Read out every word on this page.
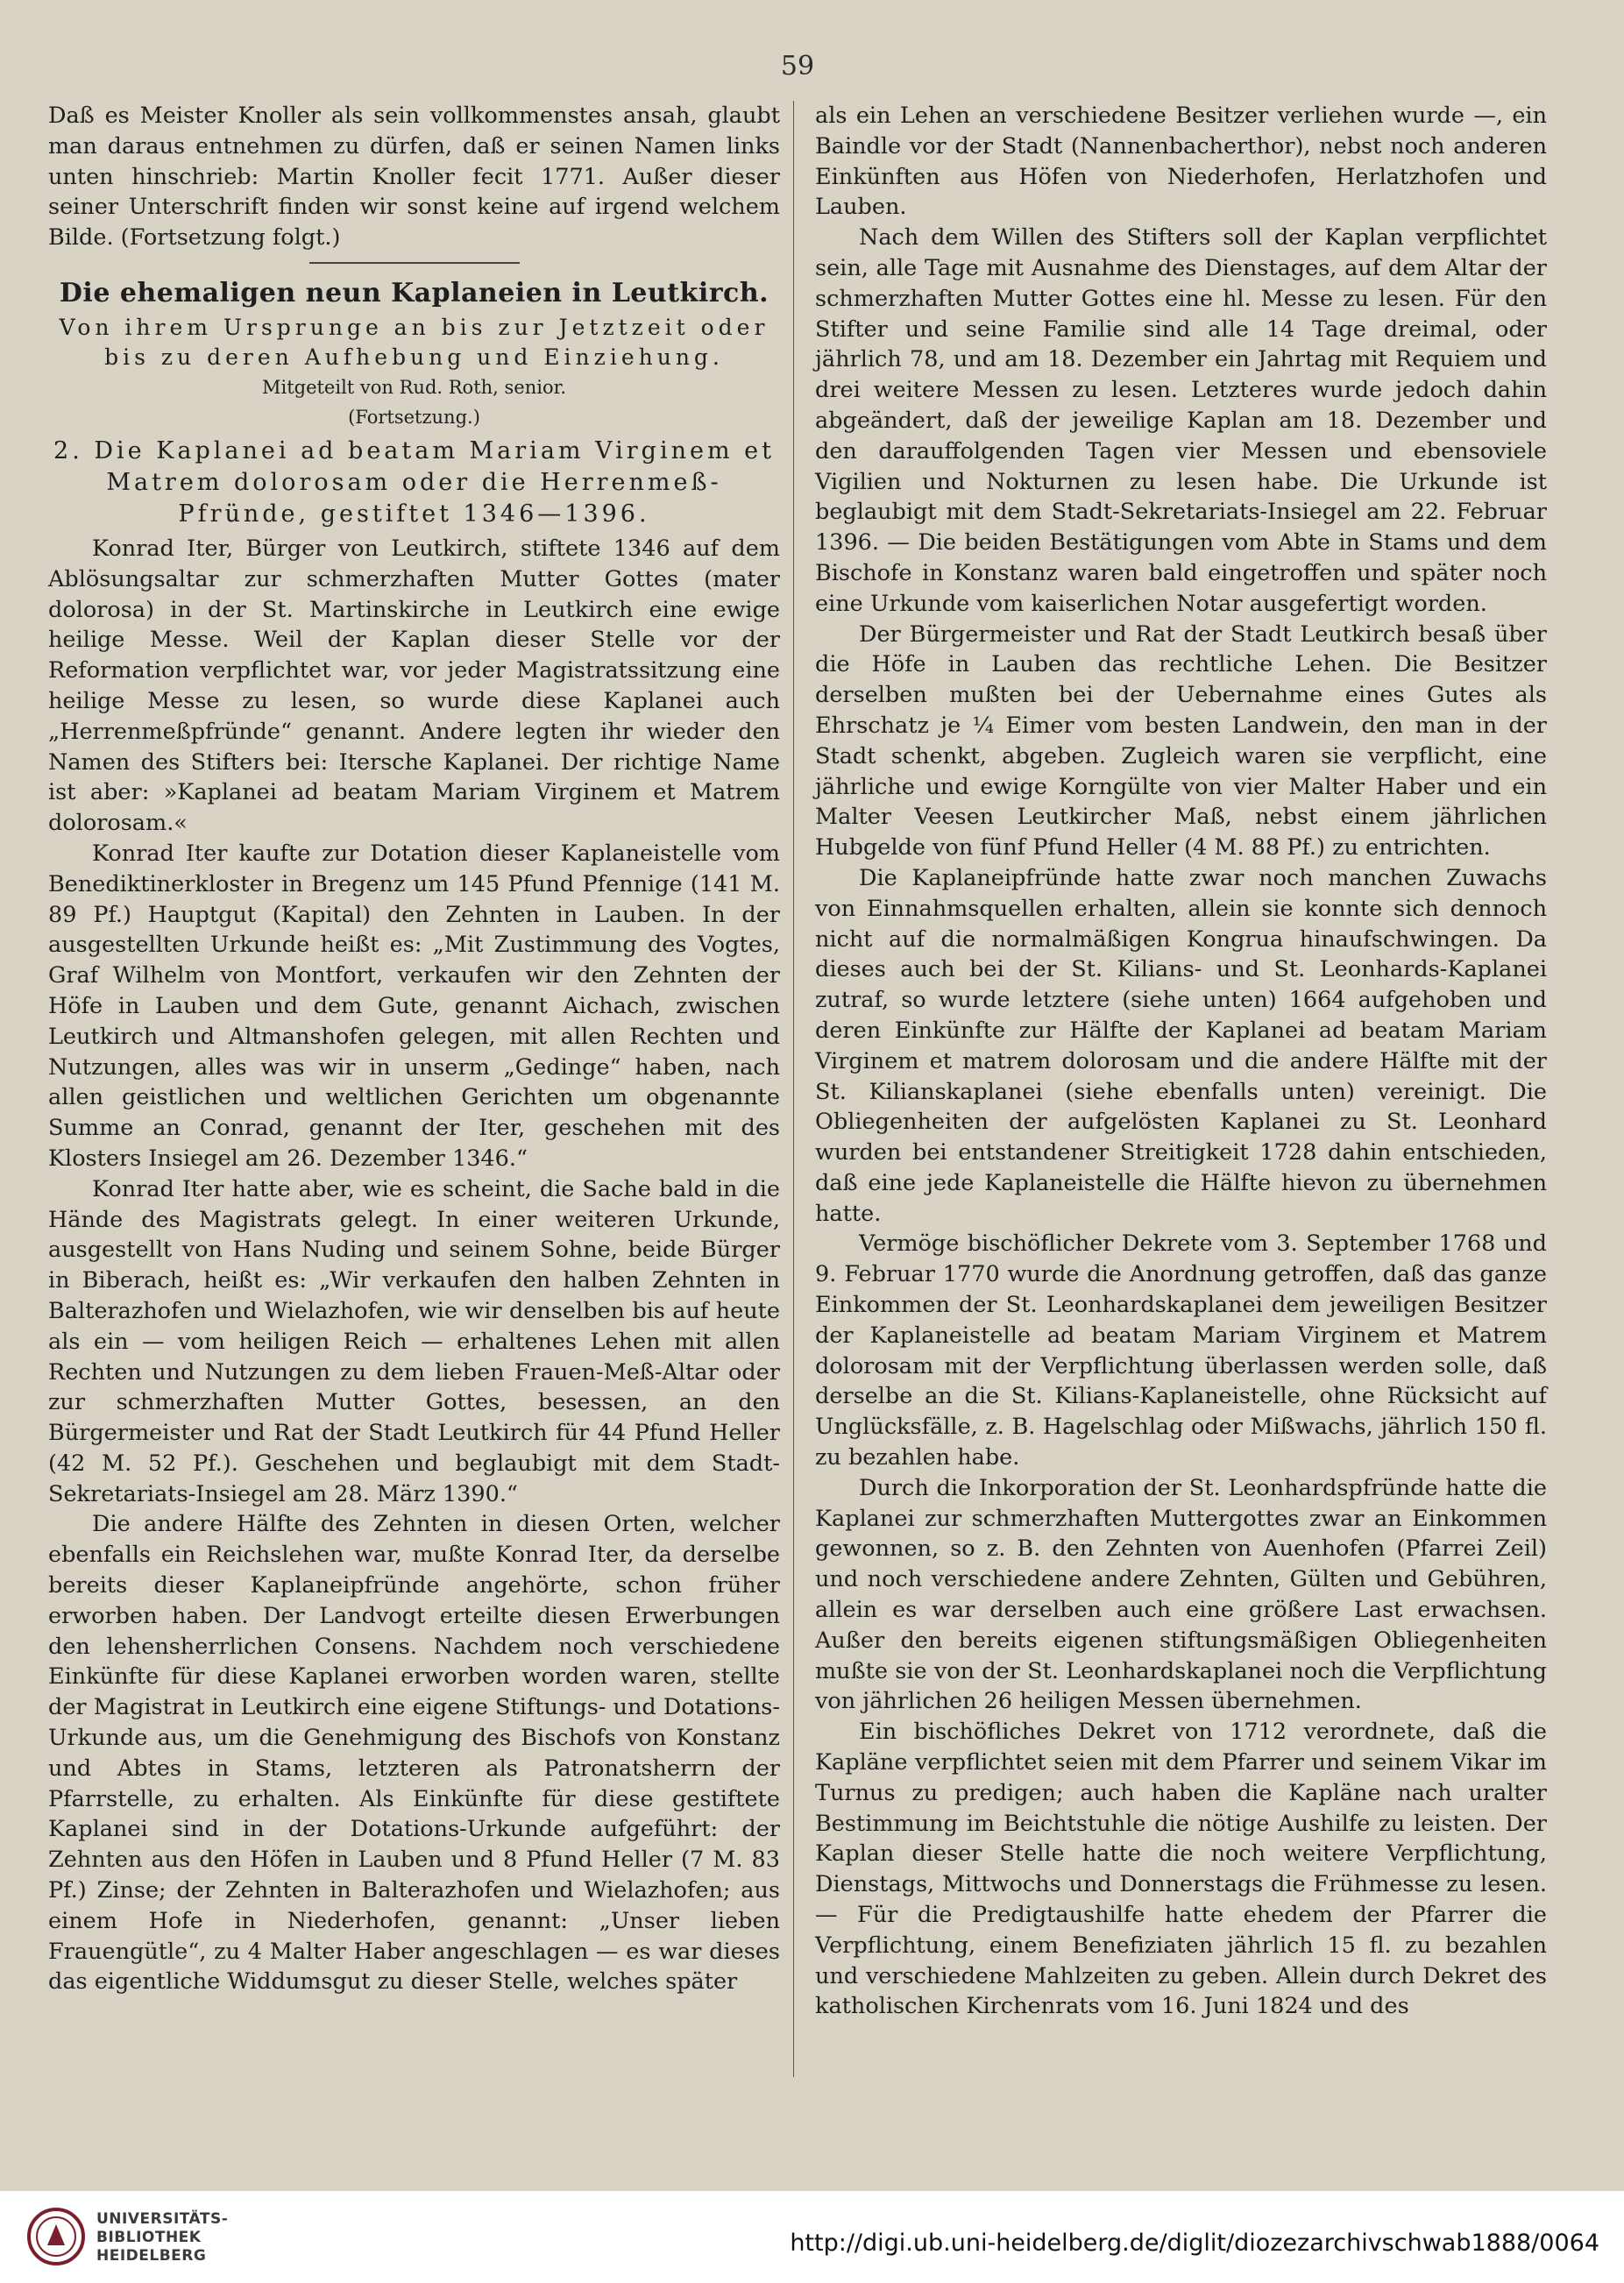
59

Daß es Meister Knoller als sein vollkommenstes ansah, glaubt man daraus entnehmen zu dürfen, daß er seinen Namen links unten hinschrieb: Martin Knoller fecit 1771. Außer dieser seiner Unterschrift finden wir sonst keine auf irgend welchem Bilde. (Fortsetzung folgt.)

Die ehemaligen neun Kaplaneien in Leutkirch.
Von ihrem Ursprunge an bis zur Jetztzeit oder bis zu deren Aufhebung und Einziehung.
Mitgeteilt von Rud. Roth, senior.
(Fortsetzung.)
2. Die Kaplanei ad beatam Mariam Virginem et Matrem dolorosam oder die Herrenmeß-Pfründe, gestiftet 1346—1396.

Konrad Iter, Bürger von Leutkirch, stiftete 1346 auf dem Ablösungsaltar zur schmerzhaften Mutter Gottes (mater dolorosa) in der St. Martinskirche in Leutkirch eine ewige heilige Messe. Weil der Kaplan dieser Stelle vor der Reformation verpflichtet war, vor jeder Magistratssitzung eine heilige Messe zu lesen, so wurde diese Kaplanei auch „Herrenmeßpfründe“ genannt. Andere legten ihr wieder den Namen des Stifters bei: Itersche Kaplanei. Der richtige Name ist aber: »Kaplanei ad beatam Mariam Virginem et Matrem dolorosam.«

Konrad Iter kaufte zur Dotation dieser Kaplaneistelle vom Benediktinerkloster in Bregenz um 145 Pfund Pfennige (141 M. 89 Pf.) Hauptgut (Kapital) den Zehnten in Lauben. In der ausgestellten Urkunde heißt es: „Mit Zustimmung des Vogtes, Graf Wilhelm von Montfort, verkaufen wir den Zehnten der Höfe in Lauben und dem Gute, genannt Aichach, zwischen Leutkirch und Altmanshofen gelegen, mit allen Rechten und Nutzungen, alles was wir in unserm „Gedinge“ haben, nach allen geistlichen und weltlichen Gerichten um obgenannte Summe an Conrad, genannt der Iter, geschehen mit des Klosters Insiegel am 26. Dezember 1346.“

Konrad Iter hatte aber, wie es scheint, die Sache bald in die Hände des Magistrats gelegt. In einer weiteren Urkunde, ausgestellt von Hans Nuding und seinem Sohne, beide Bürger in Biberach, heißt es: „Wir verkaufen den halben Zehnten in Balterazhofen und Wielazhofen, wie wir denselben bis auf heute als ein — vom heiligen Reich — erhaltenes Lehen mit allen Rechten und Nutzungen zu dem lieben Frauen-Meß-Altar oder zur schmerzhaften Mutter Gottes, besessen, an den Bürgermeister und Rat der Stadt Leutkirch für 44 Pfund Heller (42 M. 52 Pf.). Geschehen und beglaubigt mit dem Stadt-Sekretariats-Insiegel am 28. März 1390.“

Die andere Hälfte des Zehnten in diesen Orten, welcher ebenfalls ein Reichslehen war, mußte Konrad Iter, da derselbe bereits dieser Kaplaneipfründe angehörte, schon früher erworben haben. Der Landvogt erteilte diesen Erwerbungen den lehensherrlichen Consens. Nachdem noch verschiedene Einkünfte für diese Kaplanei erworben worden waren, stellte der Magistrat in Leutkirch eine eigene Stiftungs- und Dotations-Urkunde aus, um die Genehmigung des Bischofs von Konstanz und Abtes in Stams, letzteren als Patronatsherrn der Pfarrstelle, zu erhalten. Als Einkünfte für diese gestiftete Kaplanei sind in der Dotations-Urkunde aufgeführt: der Zehnten aus den Höfen in Lauben und 8 Pfund Heller (7 M. 83 Pf.) Zinse; der Zehnten in Balterazhofen und Wielazhofen; aus einem Hofe in Niederhofen, genannt: „Unser lieben Frauengütle“, zu 4 Malter Haber angeschlagen — es war dieses das eigentliche Widdumsgut zu dieser Stelle, welches später

als ein Lehen an verschiedene Besitzer verliehen wurde —, ein Baindle vor der Stadt (Nannenbacherthor), nebst noch anderen Einkünften aus Höfen von Niederhofen, Herlatzhofen und Lauben.

Nach dem Willen des Stifters soll der Kaplan verpflichtet sein, alle Tage mit Ausnahme des Dienstages, auf dem Altar der schmerzhaften Mutter Gottes eine hl. Messe zu lesen. Für den Stifter und seine Familie sind alle 14 Tage dreimal, oder jährlich 78, und am 18. Dezember ein Jahrtag mit Requiem und drei weitere Messen zu lesen. Letzteres wurde jedoch dahin abgeändert, daß der jeweilige Kaplan am 18. Dezember und den darauffolgenden Tagen vier Messen und ebensoviele Vigilien und Nokturnen zu lesen habe. Die Urkunde ist beglaubigt mit dem Stadt-Sekretariats-Insiegel am 22. Februar 1396. — Die beiden Bestätigungen vom Abte in Stams und dem Bischofe in Konstanz waren bald eingetroffen und später noch eine Urkunde vom kaiserlichen Notar ausgefertigt worden.

Der Bürgermeister und Rat der Stadt Leutkirch besaß über die Höfe in Lauben das rechtliche Lehen. Die Besitzer derselben mußten bei der Uebernahme eines Gutes als Ehrschatz je ¼ Eimer vom besten Landwein, den man in der Stadt schenkt, abgeben. Zugleich waren sie verpflicht, eine jährliche und ewige Korngülte von vier Malter Haber und ein Malter Veesen Leutkircher Maß, nebst einem jährlichen Hubgelde von fünf Pfund Heller (4 M. 88 Pf.) zu entrichten.

Die Kaplaneipfründe hatte zwar noch manchen Zuwachs von Einnahmsquellen erhalten, allein sie konnte sich dennoch nicht auf die normalmäßigen Kongrua hinaufschwingen. Da dieses auch bei der St. Kilians- und St. Leonhards-Kaplanei zutraf, so wurde letztere (siehe unten) 1664 aufgehoben und deren Einkünfte zur Hälfte der Kaplanei ad beatam Mariam Virginem et matrem dolorosam und die andere Hälfte mit der St. Kilianskaplanei (siehe ebenfalls unten) vereinigt. Die Obliegenheiten der aufgelösten Kaplanei zu St. Leonhard wurden bei entstandener Streitigkeit 1728 dahin entschieden, daß eine jede Kaplaneistelle die Hälfte hievon zu übernehmen hatte.

Vermöge bischöflicher Dekrete vom 3. September 1768 und 9. Februar 1770 wurde die Anordnung getroffen, daß das ganze Einkommen der St. Leonhardskaplanei dem jeweiligen Besitzer der Kaplaneistelle ad beatam Mariam Virginem et Matrem dolorosam mit der Verpflichtung überlassen werden solle, daß derselbe an die St. Kilians-Kaplaneistelle, ohne Rücksicht auf Unglücksfälle, z. B. Hagelschlag oder Mißwachs, jährlich 150 fl. zu bezahlen habe.

Durch die Inkorporation der St. Leonhardspfründe hatte die Kaplanei zur schmerzhaften Muttergottes zwar an Einkommen gewonnen, so z. B. den Zehnten von Auenhofen (Pfarrei Zeil) und noch verschiedene andere Zehnten, Gülten und Gebühren, allein es war derselben auch eine größere Last erwachsen. Außer den bereits eigenen stiftungsmäßigen Obliegenheiten mußte sie von der St. Leonhardskaplanei noch die Verpflichtung von jährlichen 26 heiligen Messen übernehmen.

Ein bischöfliches Dekret von 1712 verordnete, daß die Kapläne verpflichtet seien mit dem Pfarrer und seinem Vikar im Turnus zu predigen; auch haben die Kapläne nach uralter Bestimmung im Beichtstuhle die nötige Aushilfe zu leisten. Der Kaplan dieser Stelle hatte die noch weitere Verpflichtung, Dienstags, Mittwochs und Donnerstags die Frühmesse zu lesen. — Für die Predigtaushilfe hatte ehedem der Pfarrer die Verpflichtung, einem Benefiziaten jährlich 15 fl. zu bezahlen und verschiedene Mahlzeiten zu geben. Allein durch Dekret des katholischen Kirchenrats vom 16. Juni 1824 und des

UNIVERSITÄTS-
BIBLIOTHEK
HEIDELBERG	http://digi.ub.uni-heidelberg.de/diglit/diozezarchivschwab1888/0064
